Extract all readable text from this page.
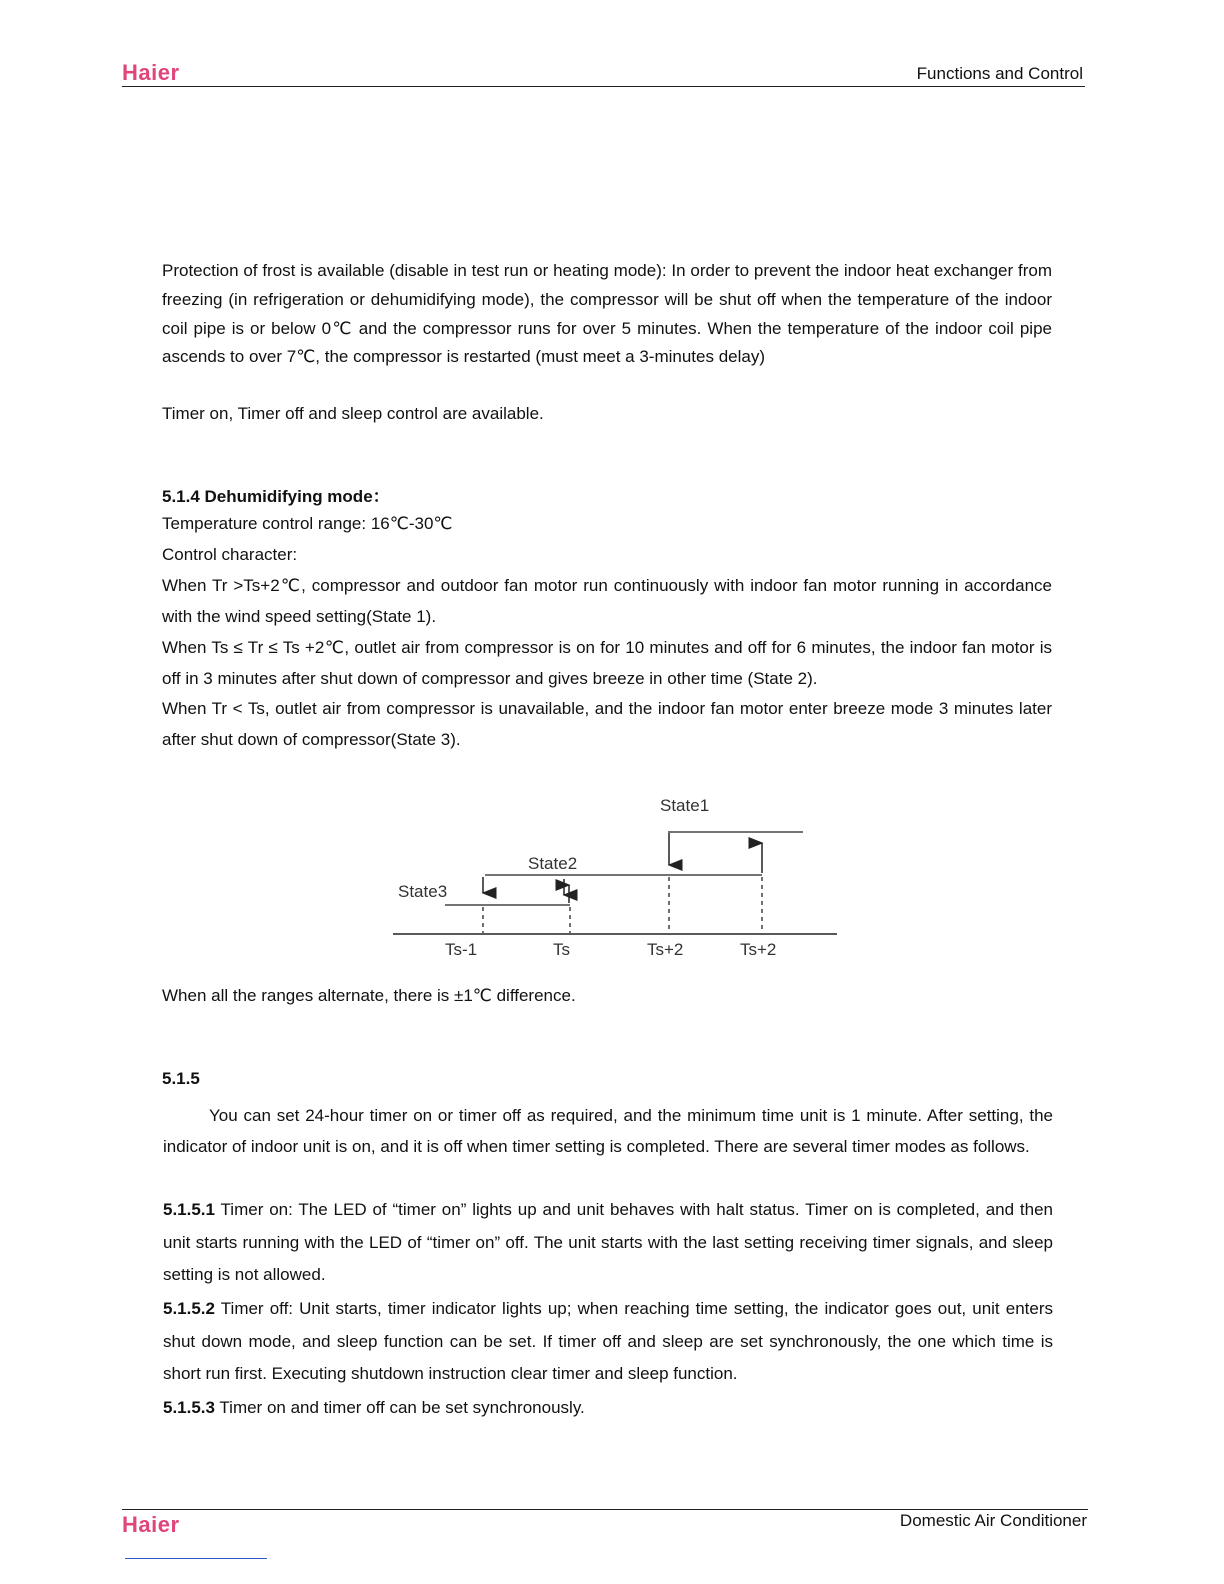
Haier	Functions and Control

Protection of frost is available (disable in test run or heating mode): In order to prevent the indoor heat exchanger from freezing (in refrigeration or dehumidifying mode), the compressor will be shut off when the temperature of the indoor coil pipe is or below 0℃ and the compressor runs for over 5 minutes. When the temperature of the indoor coil pipe ascends to over 7℃, the compressor is restarted (must meet a 3-minutes delay)

Timer on, Timer off and sleep control are available.

5.1.4 Dehumidifying mode：

Temperature control range: 16℃-30℃

Control character:

When Tr >Ts+2℃, compressor and outdoor fan motor run continuously with indoor fan motor running in accordance with the wind speed setting(State 1).

When Ts ≤ Tr ≤ Ts +2℃, outlet air from compressor is on for 10 minutes and off for 6 minutes, the indoor fan motor is off in 3 minutes after shut down of compressor and gives breeze in other time (State 2).

When Tr < Ts, outlet air from compressor is unavailable, and the indoor fan motor enter breeze mode 3 minutes later after shut down of compressor(State 3).

State1
State2
State3
Ts-1	Ts	Ts+2	Ts+2

When all the ranges alternate, there is ±1℃ difference.

5.1.5

You can set 24-hour timer on or timer off as required, and the minimum time unit is 1 minute. After setting, the indicator of indoor unit is on, and it is off when timer setting is completed. There are several timer modes as follows.

5.1.5.1 Timer on: The LED of “timer on” lights up and unit behaves with halt status. Timer on is completed, and then unit starts running with the LED of “timer on” off. The unit starts with the last setting receiving timer signals, and sleep setting is not allowed.

5.1.5.2 Timer off: Unit starts, timer indicator lights up; when reaching time setting, the indicator goes out, unit enters shut down mode, and sleep function can be set. If timer off and sleep are set synchronously, the one which time is short run first. Executing shutdown instruction clear timer and sleep function.

5.1.5.3 Timer on and timer off can be set synchronously.

Haier	Domestic Air Conditioner
